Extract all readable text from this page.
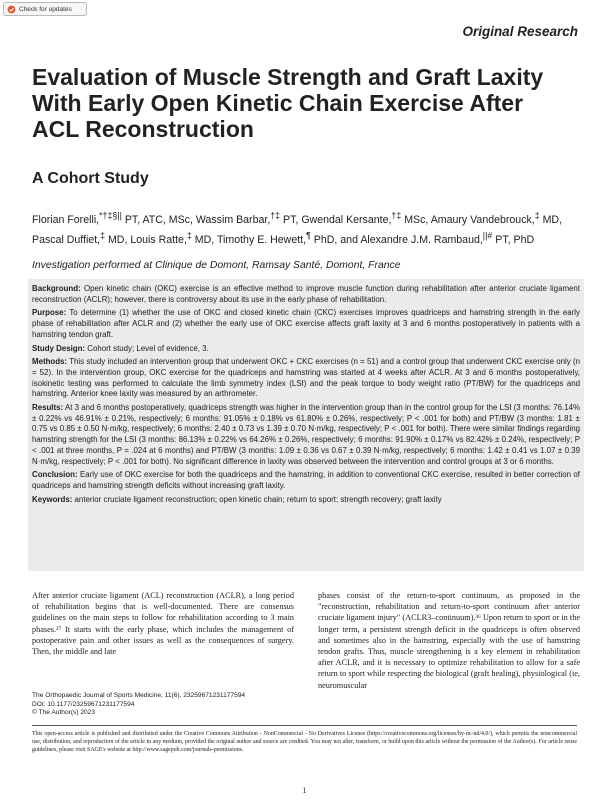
Check for updates
Original Research
Evaluation of Muscle Strength and Graft Laxity With Early Open Kinetic Chain Exercise After ACL Reconstruction
A Cohort Study
Florian Forelli,*†‡§|| PT, ATC, MSc, Wassim Barbar,†‡ PT, Gwendal Kersante,†‡ MSc, Amaury Vandebrouck,‡ MD, Pascal Duffiet,‡ MD, Louis Ratte,‡ MD, Timothy E. Hewett,¶ PhD, and Alexandre J.M. Rambaud,||# PT, PhD
Investigation performed at Clinique de Domont, Ramsay Santé, Domont, France

Background: Open kinetic chain (OKC) exercise is an effective method to improve muscle function during rehabilitation after anterior cruciate ligament reconstruction (ACLR); however, there is controversy about its use in the early phase of rehabilitation.

Purpose: To determine (1) whether the use of OKC and closed kinetic chain (CKC) exercises improves quadriceps and hamstring strength in the early phase of rehabilitation after ACLR and (2) whether the early use of OKC exercise affects graft laxity at 3 and 6 months postoperatively in patients with a hamstring tendon graft.

Study Design: Cohort study; Level of evidence, 3.

Methods: This study included an intervention group that underwent OKC + CKC exercises (n = 51) and a control group that underwent CKC exercise only (n = 52). In the intervention group, OKC exercise for the quadriceps and hamstring was started at 4 weeks after ACLR. At 3 and 6 months postoperatively, isokinetic testing was performed to calculate the limb symmetry index (LSI) and the peak torque to body weight ratio (PT/BW) for the quadriceps and hamstring. Anterior knee laxity was measured by an arthrometer.

Results: At 3 and 6 months postoperatively, quadriceps strength was higher in the intervention group than in the control group for the LSI (3 months: 76.14% ± 0.22% vs 46.91% ± 0.21%, respectively; 6 months: 91.05% ± 0.18% vs 61.80% ± 0.26%, respectively; P < .001 for both) and PT/BW (3 months: 1.81 ± 0.75 vs 0.85 ± 0.50 N·m/kg, respectively; 6 months: 2.40 ± 0.73 vs 1.39 ± 0.70 N·m/kg, respectively; P < .001 for both). There were similar findings regarding hamstring strength for the LSI (3 months: 86.13% ± 0.22% vs 64.26% ± 0.26%, respectively; 6 months: 91.90% ± 0.17% vs 82.42% ± 0.24%, respectively; P < .001 at three months, P = .024 at 6 months) and PT/BW (3 months: 1.09 ± 0.36 vs 0.67 ± 0.39 N·m/kg, respectively; 6 months: 1.42 ± 0.41 vs 1.07 ± 0.39 N·m/kg, respectively; P < .001 for both). No significant difference in laxity was observed between the intervention and control groups at 3 or 6 months.

Conclusion: Early use of OKC exercise for both the quadriceps and the hamstring, in addition to conventional CKC exercise, resulted in better correction of quadriceps and hamstring strength deficits without increasing graft laxity.

Keywords: anterior cruciate ligament reconstruction; open kinetic chain; return to sport; strength recovery; graft laxity

After anterior cruciate ligament (ACL) reconstruction (ACLR), a long period of rehabilitation begins that is well-documented. There are consensus guidelines on the main steps to follow for rehabilitation according to 3 main phases.²⁷ It starts with the early phase, which includes the management of postoperative pain and other issues as well as the consequences of surgery. Then, the middle and late

phases consist of the return-to-sport continuum, as proposed in the "reconstruction, rehabilitation and return-to-sport continuum after anterior cruciate ligament injury" (ACLR3–continuum).³⁶ Upon return to sport or in the longer term, a persistent strength deficit in the quadriceps is often observed and sometimes also in the hamstring, especially with the use of hamstring tendon grafts. Thus, muscle strengthening is a key element in rehabilitation after ACLR, and it is necessary to optimize rehabilitation to allow for a safe return to sport while respecting the biological (graft healing), physiological (ie, neuromuscular

The Orthopaedic Journal of Sports Medicine, 11(6), 23259671231177594
DOI: 10.1177/23259671231177594
© The Author(s) 2023
This open-access article is published and distributed under the Creative Commons Attribution - NonCommercial - No Derivatives License (https://creativecommons.org/licenses/by-nc-nd/4.0/), which permits the noncommercial use, distribution, and reproduction of the article in any medium, provided the original author and source are credited. You may not alter, transform, or build upon this article without the permission of the Author(s). For article reuse guidelines, please visit SAGE's website at http://www.sagepub.com/journals-permissions.
1
